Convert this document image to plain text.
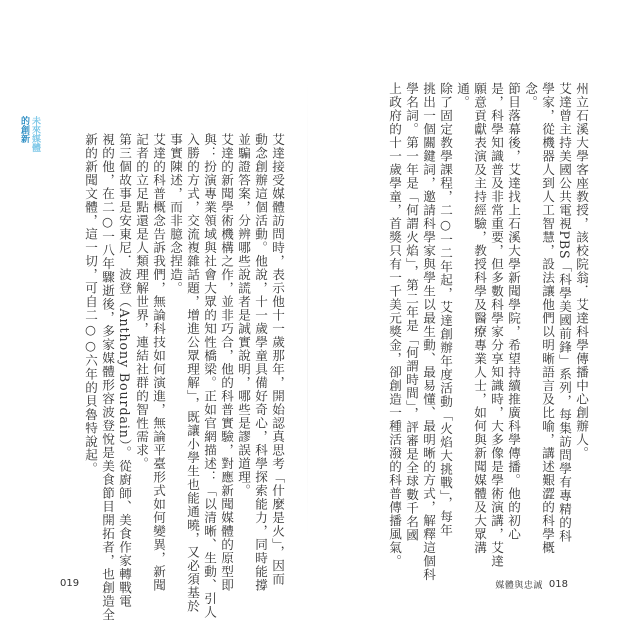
未來媒體
的創新
艾達接受媒體訪問時，表示他十一歲那年，開始認真思考「什麼是火」，因而
動念創辦這個活動。他說，十一歲學童具備好奇心，科學探索能力，同時能撐
並騙證答案，分辨哪些說謊者是誠實說明，哪些是謬誤道理。
艾達的新聞學術機構之作，並非巧合，他的科普實驗，對應新聞媒體的原型即
與：扮演專業領域與社會大眾的知性橋梁。正如官網描述：「以清晰、生動、引人
入勝的方式，交流複雜話題，增進公眾理解」，既讓小學生也能通曉，又必須基於
事實陳述，而非臆念捏造。
艾達的科普概念告訴我們，無論科技如何演進，無論平臺形式如何變異，新聞
記者的立足點還是人類理解世界，連結社群的智性需求。
第三個故事是安東尼．波登（Anthony Bourdain）。從廚師、美食作家轉戰電
視的他，在二○一八年驟逝後，多家媒體形容波登悅是美食節目開拓者，也創造全
新的新聞文體，這一切，可自二○○六年的貝魯特說起。
019
州立石溪大學客座教授，該校院翁．艾達科學傳播中心創辦人。
艾達曾主持美國公共電視PBS「科學美國前鋒」系列，每集訪問學有專精的科
學家，從機器人到人工智慧，設法讓他們以明晰語言及比喻，講述艱澀的科學概
念。
節目落幕後，艾達找上石溪大學新聞學院，希望持續推廣科學傳播。他的初心
是，科學知識普及非常重要，但多數科學家分享知識時，大多像是學術演講，艾達
願意貢獻表演及主持經驗，教授科學及醫療專業人士，如何與新聞媒體及大眾溝
通。
除了固定教學課程，二○一二年起，艾達創辦年度活動「火焰大挑戰」，每年
挑出一個關鍵詞，邀請科學家與學生以最生動、最易懂、最明晰的方式，解釋這個科
學名詞。第一年是「何謂火焰」，第二年是「何謂時間」，評審是全球數千名國
上政府的十一歲學童，首獎只有一千美元獎金，卻創造一種活潑的科普傳播風氣。
媒體與忠誠 018
